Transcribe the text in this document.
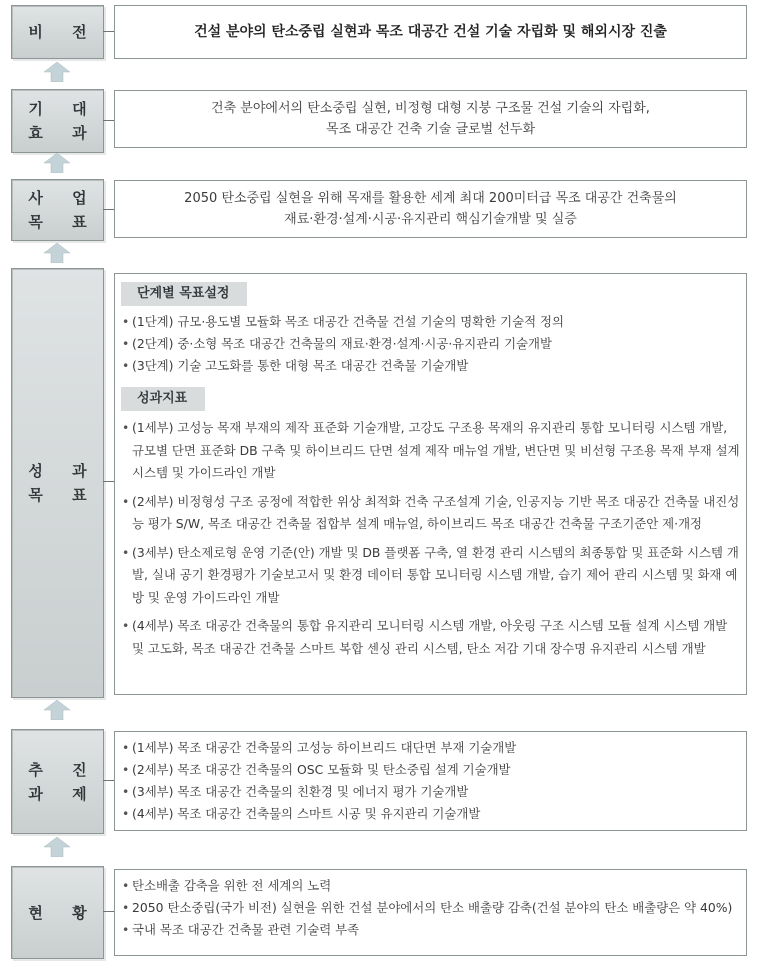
비 전	건설 분야의 탄소중립 실현과 목조 대공간 건설 기술 자립화 및 해외시장 진출
기 대
효 과
건축 분야에서의 탄소중립 실현, 비정형 대형 지붕 구조물 건설 기술의 자립화,
목조 대공간 건축 기술 글로벌 선두화
사 업
목 표
2050 탄소중립 실현을 위해 목재를 활용한 세계 최대 200미터급 목조 대공간 건축물의
재료·환경·설계·시공·유지관리 핵심기술개발 및 실증
성 과
목 표
단계별 목표설정
• (1단계) 규모·용도별 모듈화 목조 대공간 건축물 건설 기술의 명확한 기술적 정의
• (2단계) 중·소형 목조 대공간 건축물의 재료·환경·설계·시공·유지관리 기술개발
• (3단계) 기술 고도화를 통한 대형 목조 대공간 건축물 기술개발
성과지표
• (1세부) 고성능 목재 부재의 제작 표준화 기술개발, 고강도 구조용 목재의 유지관리 통합 모니터링 시스템 개발, 규모별 단면 표준화 DB 구축 및 하이브리드 단면 설계 제작 매뉴얼 개발, 변단면 및 비선형 구조용 목재 부재 설계 시스템 및 가이드라인 개발
• (2세부) 비정형성 구조 공정에 적합한 위상 최적화 건축 구조설계 기술, 인공지능 기반 목조 대공간 건축물 내진성능 평가 S/W, 목조 대공간 건축물 접합부 설계 매뉴얼, 하이브리드 목조 대공간 건축물 구조기준안 제·개정
• (3세부) 탄소제로형 운영 기준(안) 개발 및 DB 플랫폼 구축, 열 환경 관리 시스템의 최종통합 및 표준화 시스템 개발, 실내 공기 환경평가 기술보고서 및 환경 데이터 통합 모니터링 시스템 개발, 습기 제어 관리 시스템 및 화재 예방 및 운영 가이드라인 개발
• (4세부) 목조 대공간 건축물의 통합 유지관리 모니터링 시스템 개발, 아웃링 구조 시스템 모듈 설계 시스템 개발 및 고도화, 목조 대공간 건축물 스마트 복합 센싱 관리 시스템, 탄소 저감 기대 장수명 유지관리 시스템 개발
추 진
과 제
• (1세부) 목조 대공간 건축물의 고성능 하이브리드 대단면 부재 기술개발
• (2세부) 목조 대공간 건축물의 OSC 모듈화 및 탄소중립 설계 기술개발
• (3세부) 목조 대공간 건축물의 친환경 및 에너지 평가 기술개발
• (4세부) 목조 대공간 건축물의 스마트 시공 및 유지관리 기술개발
현 황
• 탄소배출 감축을 위한 전 세계의 노력
• 2050 탄소중립(국가 비전) 실현을 위한 건설 분야에서의 탄소 배출량 감축(건설 분야의 탄소 배출량은 약 40%)
• 국내 목조 대공간 건축물 관련 기술력 부족
